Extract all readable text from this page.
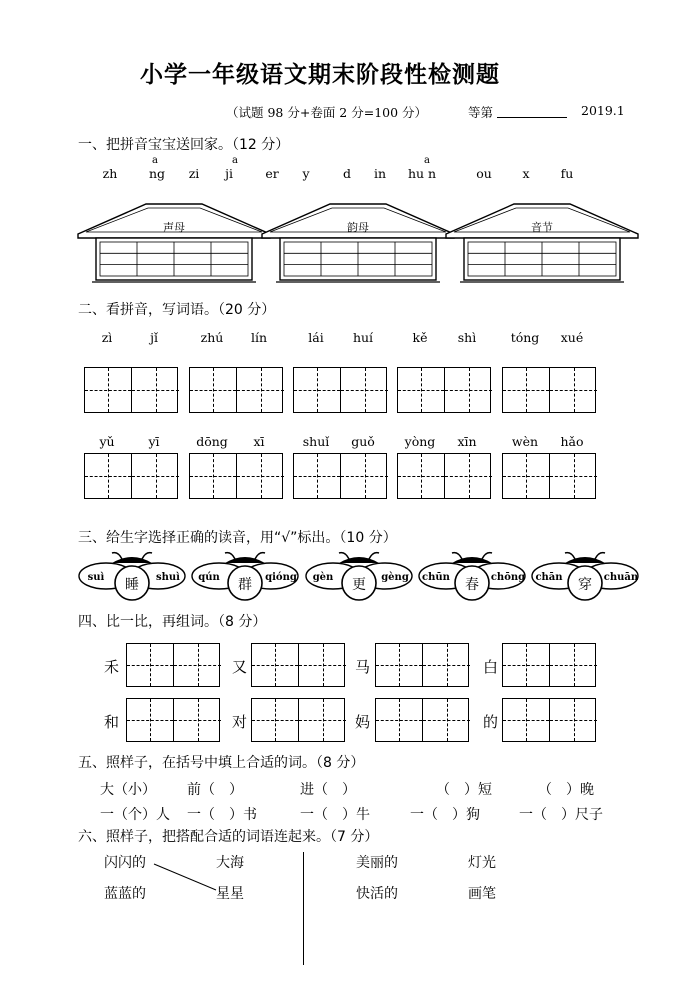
小学一年级语文期末阶段性检测题
（试题 98 分+卷面 2 分=100 分）	等第	2019.1
一、把拼音宝宝送回家。（12 分）
zh	ng	zi	ji	er	y	d	in	hu n	ou	x	fu
a	a
a
声母	韵母	音节
二、看拼音，写词语。（20 分）
zì	jǐ	zhú	lín	lái	huí	kě	shì	tóng	xué
yǔ	yī	dōng	xī	shuǐ	guǒ	yòng	xīn	wèn	hǎo
三、给生字选择正确的读音，用“√”标出。（10 分）
suì	shuì
睡	qún	qióng
群	gèn	gèng
更	chūn	chōng
春	chān	chuān
穿
四、比一比，再组词。（8 分）
禾	又	马	白
和	对	妈	的
五、照样子，在括号中填上合适的词。（8 分）
大（小） 前（　）	进（　）	（　）短	（　）晚
一（个）人 一（　）书	一（　）牛	一（　）狗	一（　）尺子
六、照样子，把搭配合适的词语连起来。（7 分）
闪闪的
蓝蓝的
大海
星星
美丽的
快活的
灯光
画笔
